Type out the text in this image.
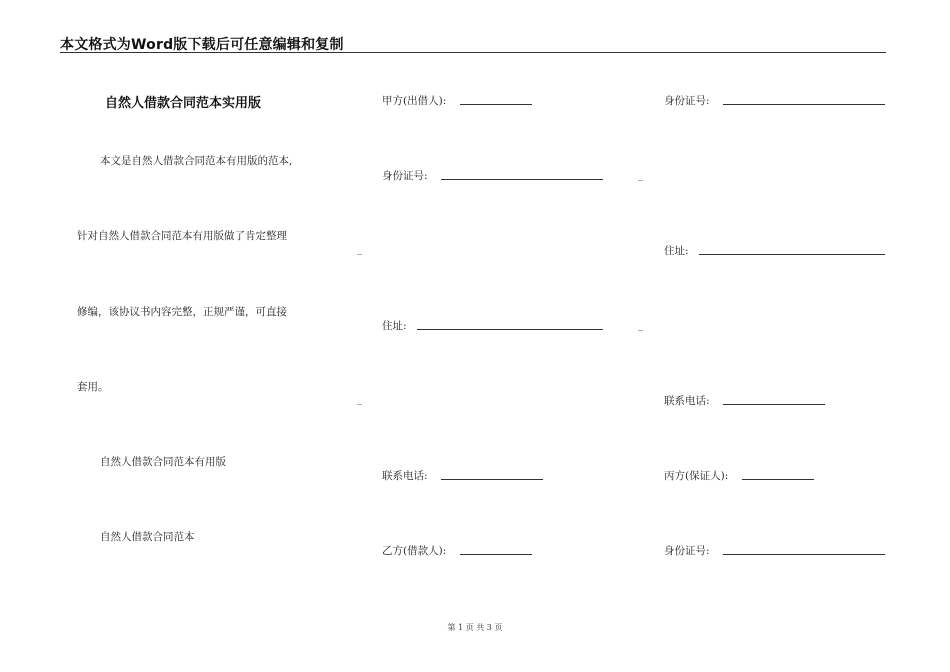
本文格式为Word版下载后可任意编辑和复制
自然人借款合同范本实用版
本文是自然人借款合同范本有用版的范本,
针对自然人借款合同范本有用版做了肯定整理
修编，该协议书内容完整，正规严谨，可直接
套用。
自然人借款合同范本有用版
自然人借款合同范本
_
_
甲方(出借人):
身份证号:
住址:
联系电话:
乙方(借款人):
_
_
身份证号:
住址:
联系电话:
丙方(保证人):
身份证号:
第 1 页 共 3 页
